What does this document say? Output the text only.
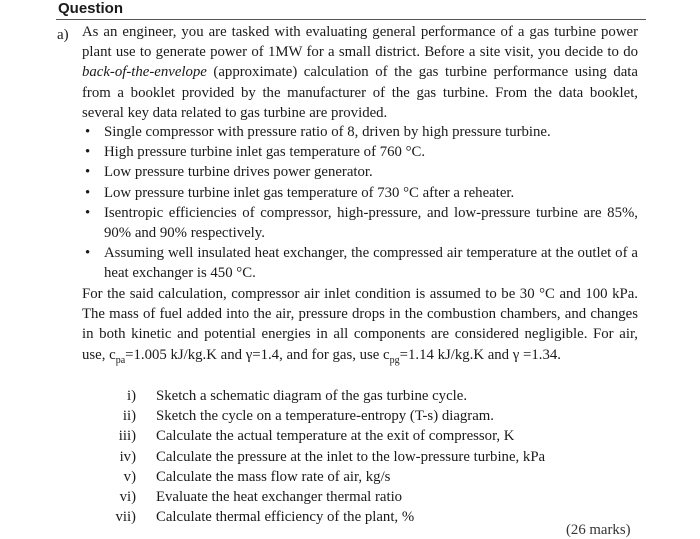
Question
a) As an engineer, you are tasked with evaluating general performance of a gas turbine power plant use to generate power of 1MW for a small district. Before a site visit, you decide to do back-of-the-envelope (approximate) calculation of the gas turbine performance using data from a booklet provided by the manufacturer of the gas turbine. From the data booklet, several key data related to gas turbine are provided.
• Single compressor with pressure ratio of 8, driven by high pressure turbine.
• High pressure turbine inlet gas temperature of 760 °C.
• Low pressure turbine drives power generator.
• Low pressure turbine inlet gas temperature of 730 °C after a reheater.
• Isentropic efficiencies of compressor, high-pressure, and low-pressure turbine are 85%, 90% and 90% respectively.
• Assuming well insulated heat exchanger, the compressed air temperature at the outlet of a heat exchanger is 450 °C.
For the said calculation, compressor air inlet condition is assumed to be 30 °C and 100 kPa. The mass of fuel added into the air, pressure drops in the combustion chambers, and changes in both kinetic and potential energies in all components are considered negligible. For air, use, $c_{pa}=1.005$ kJ/kg.K and γ=1.4, and for gas, use $c_{pg}=1.14$ kJ/kg.K and γ =1.34.
i) Sketch a schematic diagram of the gas turbine cycle.
ii) Sketch the cycle on a temperature-entropy (T-s) diagram.
iii) Calculate the actual temperature at the exit of compressor, K
iv) Calculate the pressure at the inlet to the low-pressure turbine, kPa
v) Calculate the mass flow rate of air, kg/s
vi) Evaluate the heat exchanger thermal ratio
vii) Calculate thermal efficiency of the plant, %
(26 marks)
